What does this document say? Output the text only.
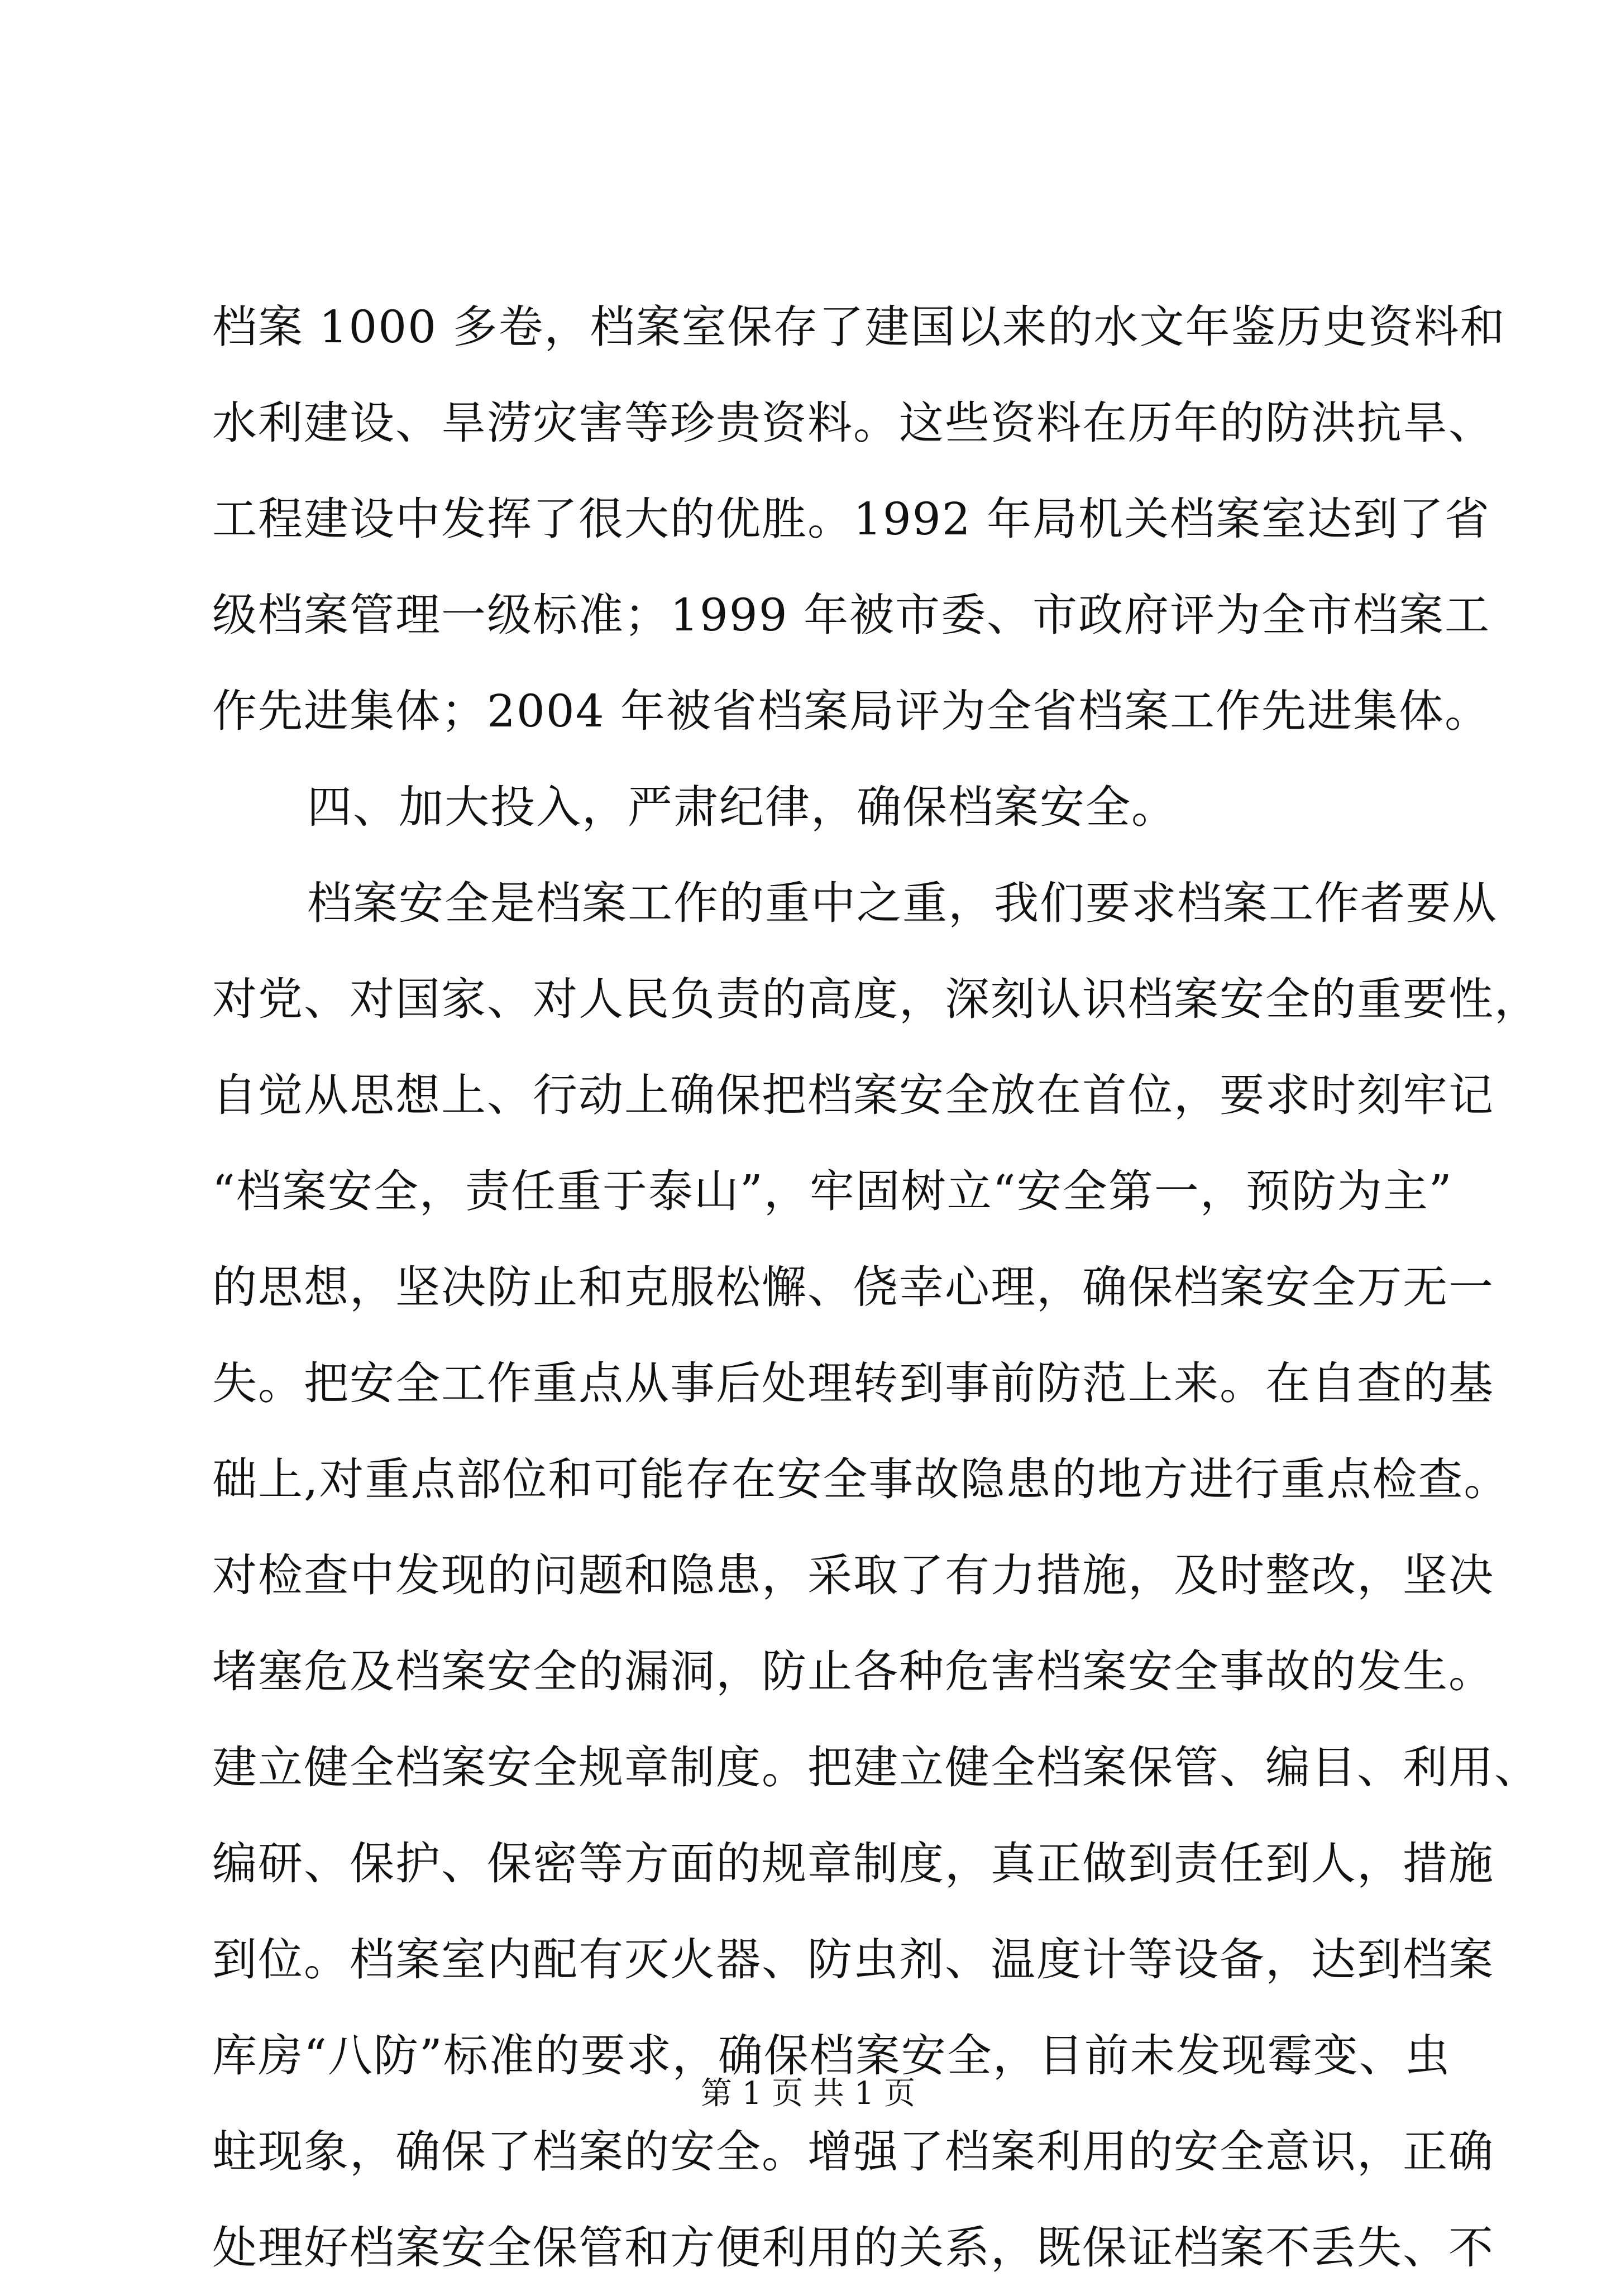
档案 1000 多卷，档案室保存了建国以来的水文年鉴历史资料和
水利建设、旱涝灾害等珍贵资料。这些资料在历年的防洪抗旱、
工程建设中发挥了很大的优胜。1992 年局机关档案室达到了省
级档案管理一级标准；1999 年被市委、市政府评为全市档案工
作先进集体；2004 年被省档案局评为全省档案工作先进集体。
四、加大投入，严肃纪律，确保档案安全。
档案安全是档案工作的重中之重，我们要求档案工作者要从
对党、对国家、对人民负责的高度，深刻认识档案安全的重要性，
自觉从思想上、行动上确保把档案安全放在首位，要求时刻牢记
“档案安全，责任重于泰山”，牢固树立“安全第一，预防为主”
的思想，坚决防止和克服松懈、侥幸心理，确保档案安全万无一
失。把安全工作重点从事后处理转到事前防范上来。在自查的基
础上,对重点部位和可能存在安全事故隐患的地方进行重点检查。
对检查中发现的问题和隐患，采取了有力措施，及时整改，坚决
堵塞危及档案安全的漏洞，防止各种危害档案安全事故的发生。
建立健全档案安全规章制度。把建立健全档案保管、编目、利用、
编研、保护、保密等方面的规章制度，真正做到责任到人，措施
到位。档案室内配有灭火器、防虫剂、温度计等设备，达到档案
库房“八防”标准的要求，确保档案安全，目前未发现霉变、虫
蛀现象，确保了档案的安全。增强了档案利用的安全意识，正确
处理好档案安全保管和方便利用的关系，既保证档案不丢失、不
第 1 页 共 1 页
